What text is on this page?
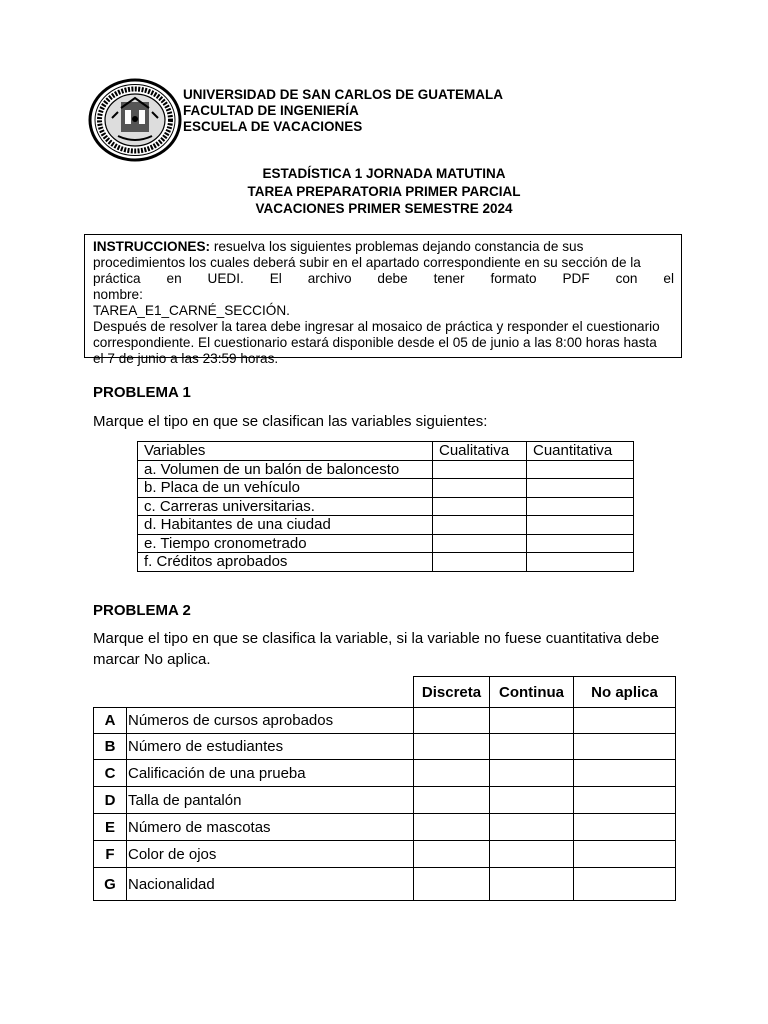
UNIVERSIDAD DE SAN CARLOS DE GUATEMALA
FACULTAD DE INGENIERÍA
ESCUELA DE VACACIONES
ESTADÍSTICA 1 JORNADA MATUTINA
TAREA PREPARATORIA PRIMER PARCIAL
VACACIONES PRIMER SEMESTRE 2024
INSTRUCCIONES: resuelva los siguientes problemas dejando constancia de sus
procedimientos los cuales deberá subir en el apartado correspondiente en su sección de la
práctica en UEDI. El archivo debe tener formato PDF con el nombre:
TAREA_E1_CARNÉ_SECCIÓN.
Después de resolver la tarea debe ingresar al mosaico de práctica y responder el cuestionario
correspondiente. El cuestionario estará disponible desde el 05 de junio a las 8:00 horas hasta
el 7 de junio a las 23:59 horas.
PROBLEMA 1
Marque el tipo en que se clasifican las variables siguientes:
Variables	Cualitativa	Cuantitativa
a. Volumen de un balón de baloncesto		
b. Placa de un vehículo		
c. Carreras universitarias.		
d. Habitantes de una ciudad		
e. Tiempo cronometrado		
f. Créditos aprobados		
PROBLEMA 2
Marque el tipo en que se clasifica la variable, si la variable no fuese cuantitativa debe
marcar No aplica.
		Discreta	Continua	No aplica
A	Números de cursos aprobados			
B	Número de estudiantes			
C	Calificación de una prueba			
D	Talla de pantalón			
E	Número de mascotas			
F	Color de ojos			
G	Nacionalidad			
